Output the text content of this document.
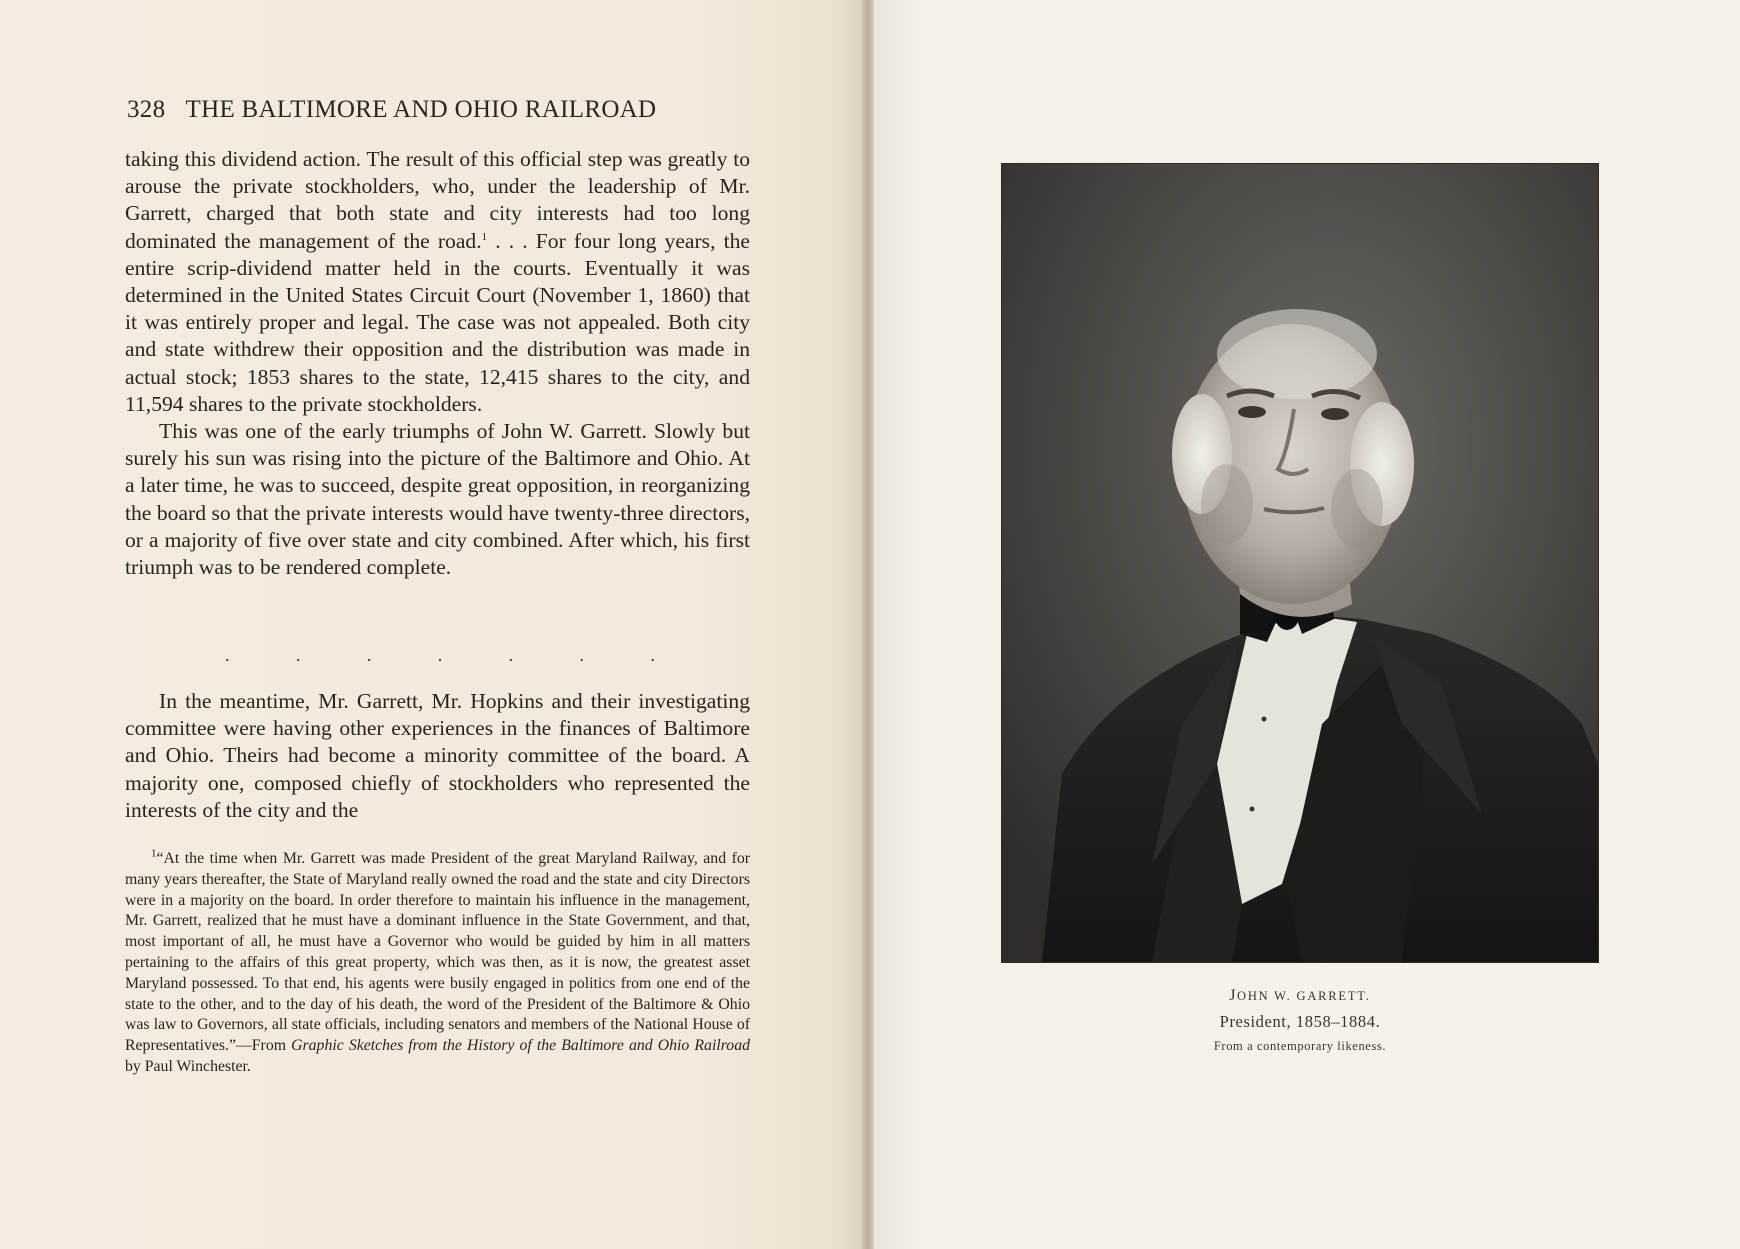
328 THE BALTIMORE AND OHIO RAILROAD

taking this dividend action. The result of this official step was greatly to arouse the private stockholders, who, under the leadership of Mr. Garrett, charged that both state and city interests had too long dominated the management of the road.$^1$ . . . For four long years, the entire scrip-dividend matter held in the courts. Eventually it was determined in the United States Circuit Court (November 1, 1860) that it was entirely proper and legal. The case was not appealed. Both city and state withdrew their opposition and the distribution was made in actual stock; 1853 shares to the state, 12,415 shares to the city, and 11,594 shares to the private stockholders.

This was one of the early triumphs of John W. Garrett. Slowly but surely his sun was rising into the picture of the Baltimore and Ohio. At a later time, he was to succeed, despite great opposition, in reorganizing the board so that the private interests would have twenty-three directors, or a majority of five over state and city combined. After which, his first triumph was to be rendered complete.

.	.	.	.	.	.	.

In the meantime, Mr. Garrett, Mr. Hopkins and their investigating committee were having other experiences in the finances of Baltimore and Ohio. Theirs had become a minority committee of the board. A majority one, composed chiefly of stockholders who represented the interests of the city and the

$^1$“At the time when Mr. Garrett was made President of the great Maryland Railway, and for many years thereafter, the State of Maryland really owned the road and the state and city Directors were in a majority on the board. In order therefore to maintain his influence in the management, Mr. Garrett, realized that he must have a dominant influence in the State Government, and that, most important of all, he must have a Governor who would be guided by him in all matters pertaining to the affairs of this great property, which was then, as it is now, the greatest asset Maryland possessed. To that end, his agents were busily engaged in politics from one end of the state to the other, and to the day of his death, the word of the President of the Baltimore & Ohio was law to Governors, all state officials, including senators and members of the National House of Representatives.”—From Graphic Sketches from the History of the Baltimore and Ohio Railroad by Paul Winchester.

JOHN W. GARRETT.
President, 1858–1884.
From a contemporary likeness.
